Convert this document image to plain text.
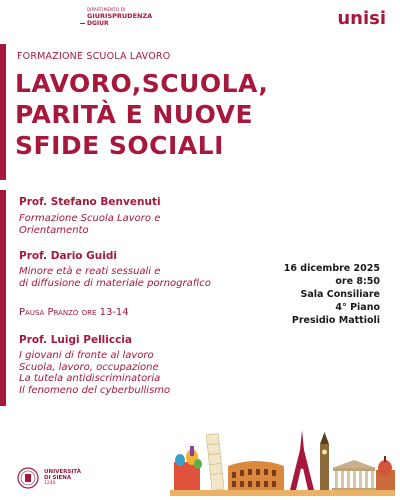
DIPARTIMENTO DI
GIURISPRUDENZA
DGIUR	unisi
FORMAZIONE SCUOLA LAVORO
LAVORO,SCUOLA,
PARITÀ E NUOVE
SFIDE SOCIALI
Prof. Stefano Benvenuti
Formazione Scuola Lavoro e
Orientamento
Prof. Dario Guidi
Minore età e reati sessuali e
di diffusione di materiale pornografico
Pausa Pranzo ore 13-14
Prof. Luigi Pelliccia
I giovani di fronte al lavoro
Scuola, lavoro, occupazione
La tutela antidiscriminatoria
Il fenomeno del cyberbullismo
16 dicembre 2025
ore 8:50
Sala Consiliare
4° Piano
Presidio Mattioli
UNIVERSITÀ
DI SIENA
1240
